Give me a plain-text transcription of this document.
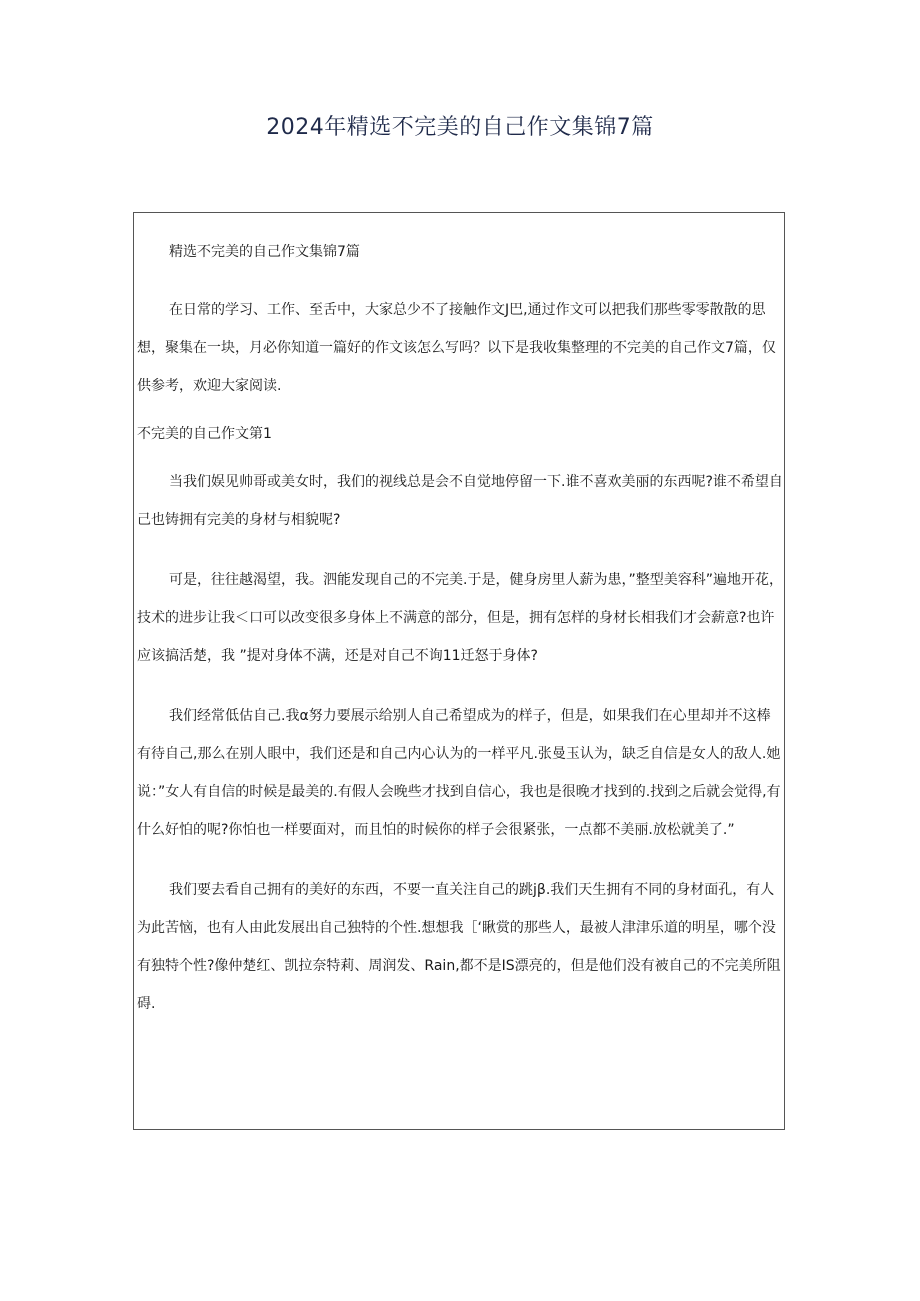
2024年精选不完美的自己作文集锦7篇

精选不完美的自己作文集锦7篇

在日常的学习、工作、至舌中，大家总少不了接触作文J巴,通过作文可以把我们那些零零散散的思想，聚集在一块，月必你知道一篇好的作文该怎么写吗？以下是我收集整理的不完美的自己作文7篇，仅供参考，欢迎大家阅读.

不完美的自己作文第1

当我们娱见帅哥或美女时，我们的视线总是会不自觉地停留一下.谁不喜欢美丽的东西呢?谁不希望自己也铸拥有完美的身材与相貌呢?

可是，往往越渴望，我。泗能发现自己的不完美.于是，健身房里人薪为患，”整型美容科”遍地开花，技术的进步让我＜口可以改变很多身体上不满意的部分，但是，拥有怎样的身材长相我们才会薪意?也许应该搞活楚，我 ”提对身体不满，还是对自己不询11迁怒于身体?

我们经常低估自己.我α努力要展示给别人自己希望成为的样子，但是，如果我们在心里却并不这棒有待自己,那么在别人眼中，我们还是和自己内心认为的一样平凡.张曼玉认为，缺乏自信是女人的敌人.她说：”女人有自信的时候是最美的.有假人会晚些才找到自信心，我也是很晚才找到的.找到之后就会觉得,有什么好怕的呢?你怕也一样要面对，而且怕的时候你的样子会很紧张，一点都不美丽.放松就美了.”

我们要去看自己拥有的美好的东西，不要一直关注自己的跳jβ.我们天生拥有不同的身材面孔，有人为此苦恼，也有人由此发展出自己独特的个性.想想我［‘瞅赏的那些人，最被人津津乐道的明星，哪个没有独特个性?像仲楚红、凯拉奈特莉、周润发、Rain,都不是IS漂亮的，但是他们没有被自己的不完美所阻碍.
